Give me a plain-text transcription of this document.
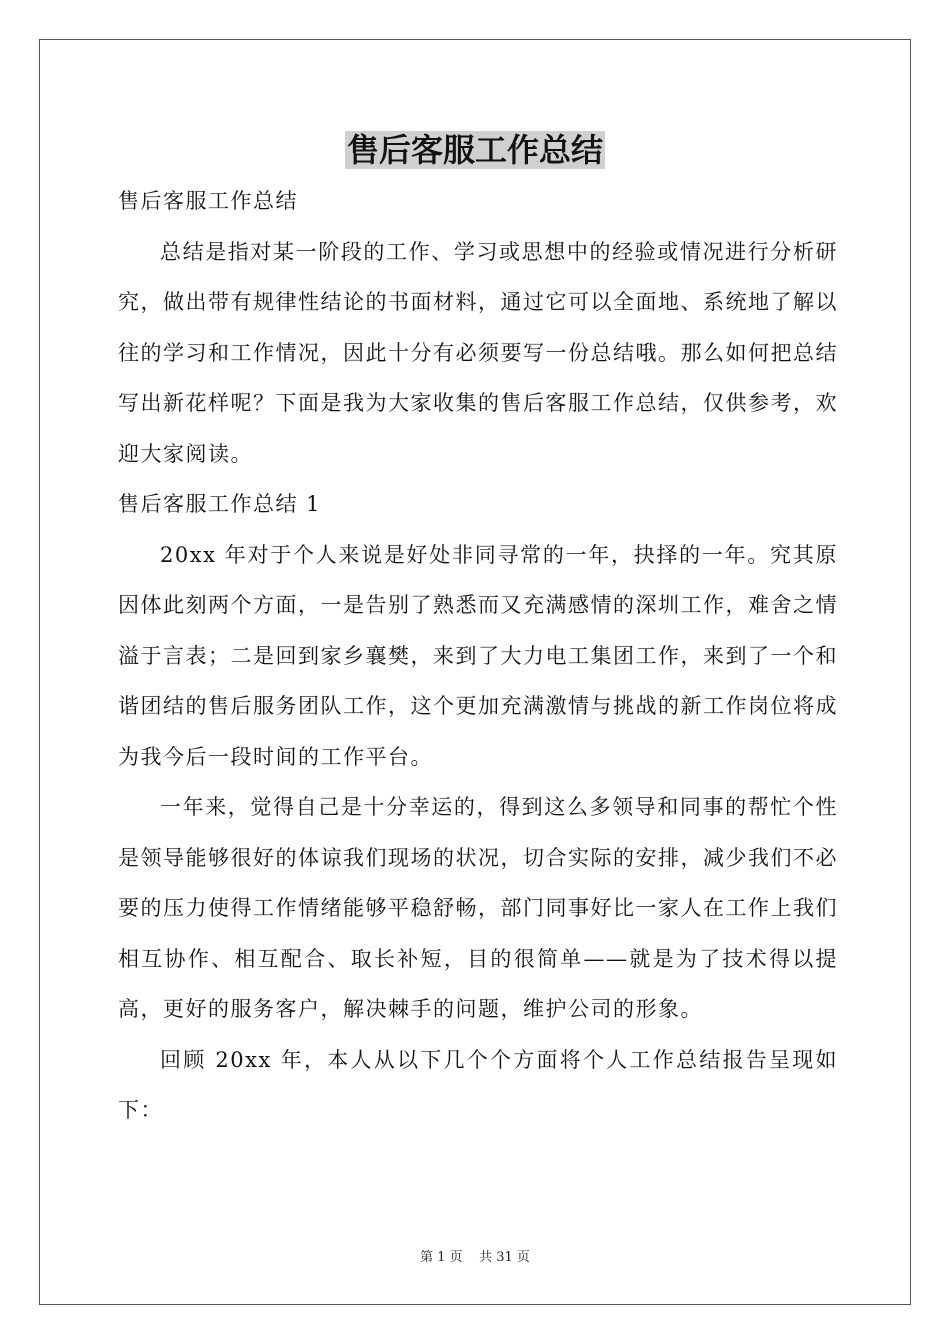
售后客服工作总结

售后客服工作总结

总结是指对某一阶段的工作、学习或思想中的经验或情况进行分析研究，做出带有规律性结论的书面材料，通过它可以全面地、系统地了解以往的学习和工作情况，因此十分有必须要写一份总结哦。那么如何把总结写出新花样呢？下面是我为大家收集的售后客服工作总结，仅供参考，欢迎大家阅读。

售后客服工作总结 1

20xx 年对于个人来说是好处非同寻常的一年，抉择的一年。究其原因体此刻两个方面，一是告别了熟悉而又充满感情的深圳工作，难舍之情溢于言表；二是回到家乡襄樊，来到了大力电工集团工作，来到了一个和谐团结的售后服务团队工作，这个更加充满激情与挑战的新工作岗位将成为我今后一段时间的工作平台。

一年来，觉得自己是十分幸运的，得到这么多领导和同事的帮忙个性是领导能够很好的体谅我们现场的状况，切合实际的安排，减少我们不必要的压力使得工作情绪能够平稳舒畅，部门同事好比一家人在工作上我们相互协作、相互配合、取长补短，目的很简单——就是为了技术得以提高，更好的服务客户，解决棘手的问题，维护公司的形象。

回顾 20xx 年，本人从以下几个个方面将个人工作总结报告呈现如下：

第 1 页    共 31 页
